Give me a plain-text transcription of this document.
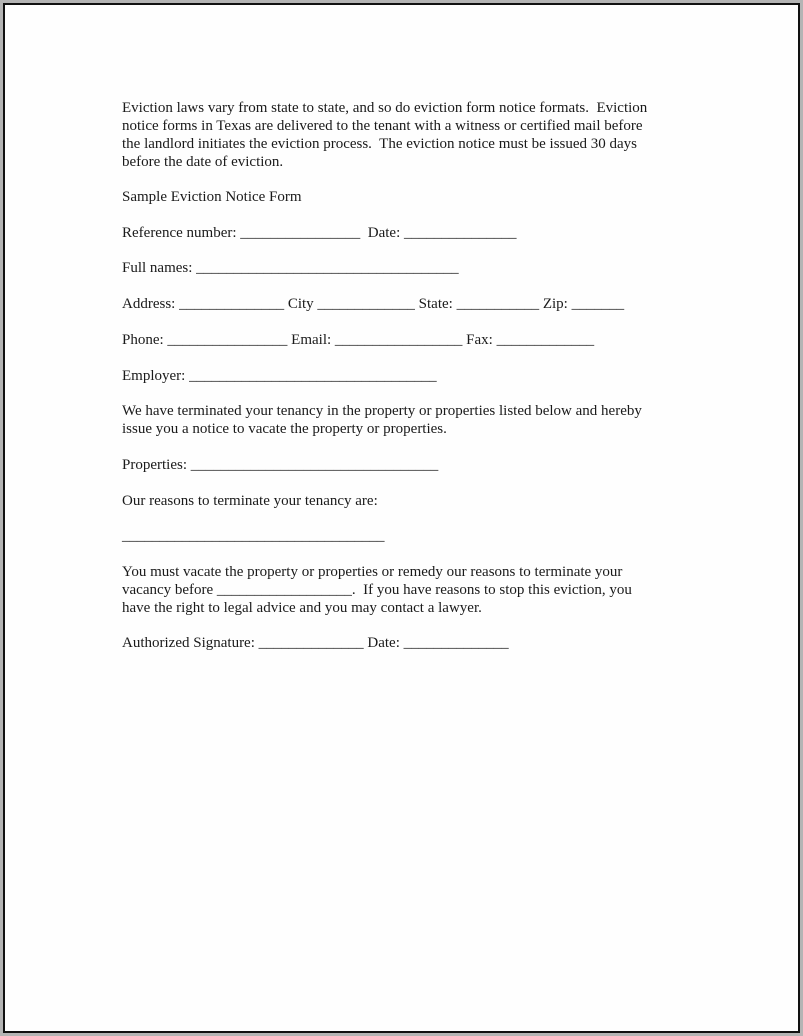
Eviction laws vary from state to state, and so do eviction form notice formats.  Eviction
notice forms in Texas are delivered to the tenant with a witness or certified mail before
the landlord initiates the eviction process.  The eviction notice must be issued 30 days
before the date of eviction.
Sample Eviction Notice Form
Reference number: ________________  Date: _______________
Full names: ___________________________________
Address: ______________ City _____________ State: ___________ Zip: _______
Phone: ________________ Email: _________________ Fax: _____________
Employer: _________________________________
We have terminated your tenancy in the property or properties listed below and hereby
issue you a notice to vacate the property or properties.
Properties: _________________________________
Our reasons to terminate your tenancy are:
___________________________________
You must vacate the property or properties or remedy our reasons to terminate your
vacancy before __________________.  If you have reasons to stop this eviction, you
have the right to legal advice and you may contact a lawyer.
Authorized Signature: ______________ Date: ______________
